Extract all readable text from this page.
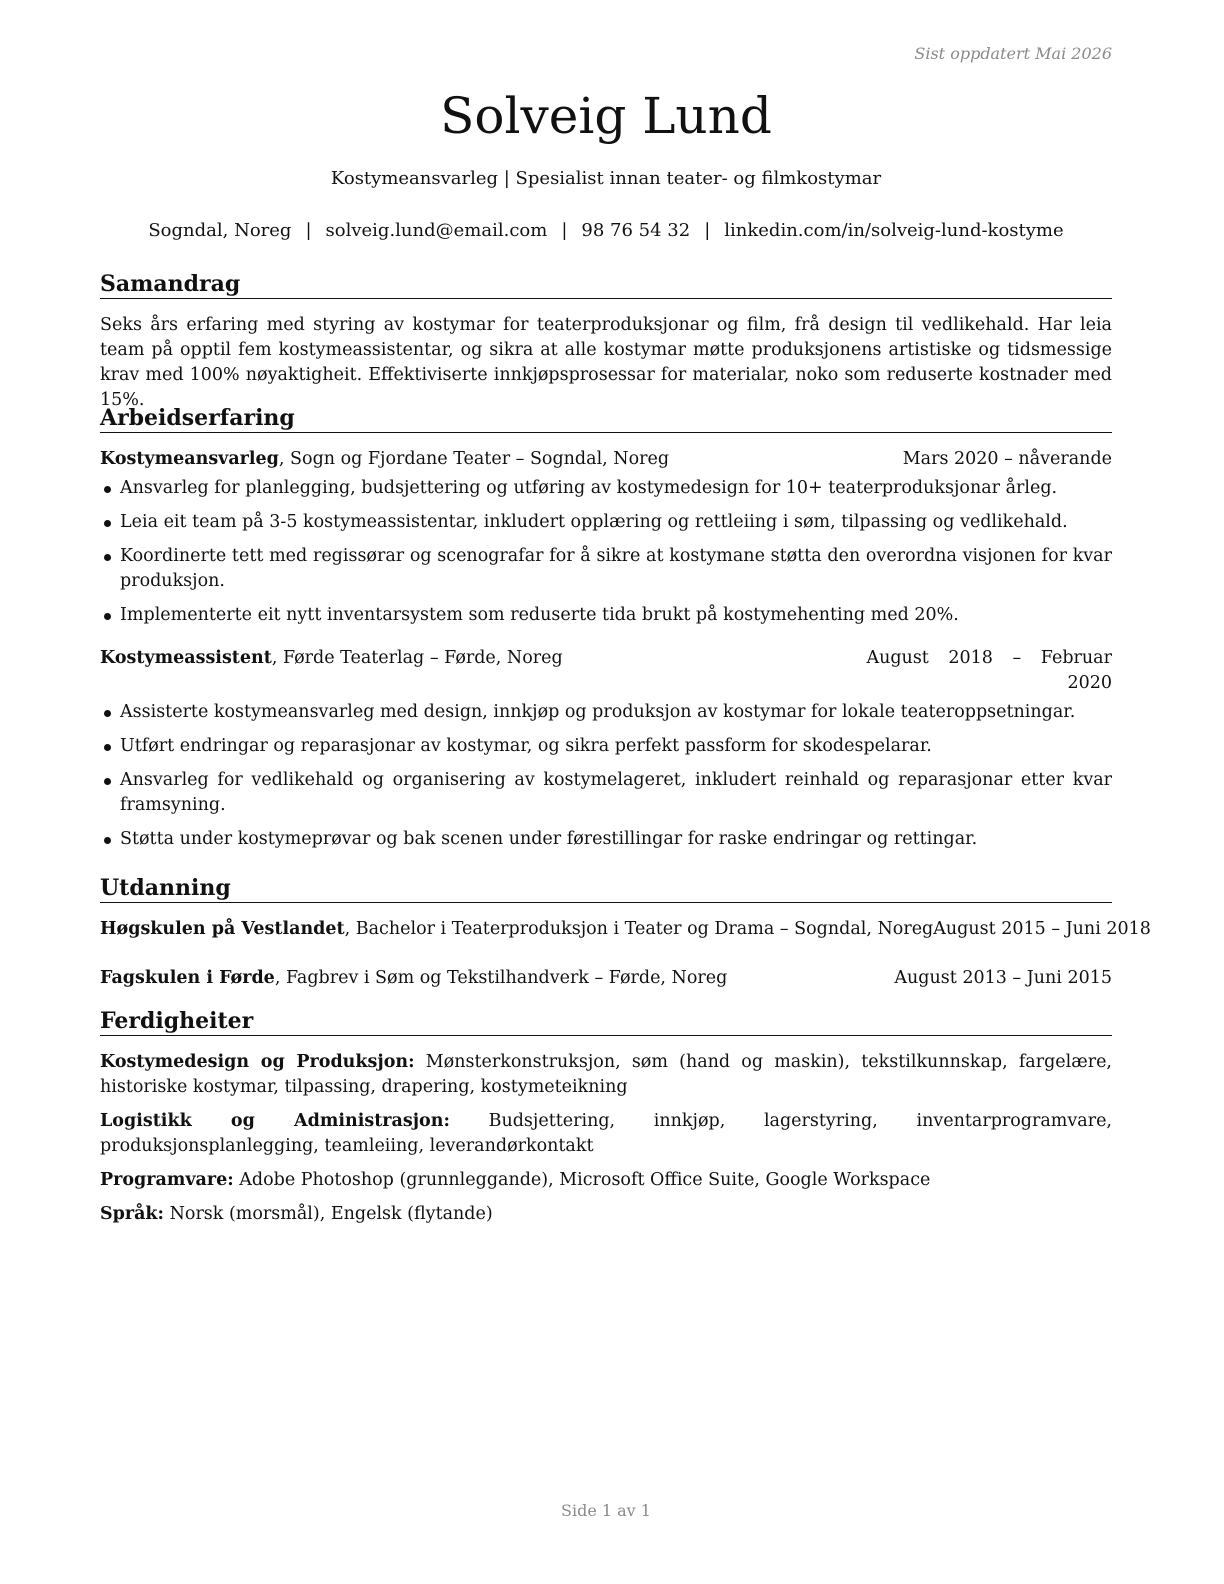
Sist oppdatert Mai 2026
Solveig Lund
Kostymeansvarleg | Spesialist innan teater- og filmkostymar
Sogndal, Noreg | solveig.lund@email.com | 98 76 54 32 | linkedin.com/in/solveig-lund-kostyme
Samandrag
Seks års erfaring med styring av kostymar for teaterproduksjonar og film, frå design til vedlikehald. Har leia team på opptil fem kostymeassistentar, og sikra at alle kostymar møtte produksjonens artistiske og tidsmessige krav med 100% nøyaktigheit. Effektiviserte innkjøpsprosessar for materialar, noko som reduserte kostnader med 15%.
Arbeidserfaring
Kostymeansvarleg, Sogn og Fjordane Teater – Sogndal, Noreg	Mars 2020 – nåverande
Ansvarleg for planlegging, budsjettering og utføring av kostymedesign for 10+ teaterproduksjonar årleg.
Leia eit team på 3-5 kostymeassistentar, inkludert opplæring og rettleiing i søm, tilpassing og vedlikehald.
Koordinerte tett med regissørar og scenografar for å sikre at kostymane støtta den overordna visjonen for kvar produksjon.
Implementerte eit nytt inventarsystem som reduserte tida brukt på kostymehenting med 20%.
Kostymeassistent, Førde Teaterlag – Førde, Noreg	August 2018 – Februar
2020
Assisterte kostymeansvarleg med design, innkjøp og produksjon av kostymar for lokale teateroppsetningar.
Utført endringar og reparasjonar av kostymar, og sikra perfekt passform for skodespelarar.
Ansvarleg for vedlikehald og organisering av kostymelageret, inkludert reinhald og reparasjonar etter kvar framsyning.
Støtta under kostymeprøvar og bak scenen under førestillingar for raske endringar og rettingar.
Utdanning
Høgskulen på Vestlandet, Bachelor i Teaterproduksjon i Teater og Drama – Sogndal, Noreg August 2015 – Juni 2018
Fagskulen i Førde, Fagbrev i Søm og Tekstilhandverk – Førde, Noreg	August 2013 – Juni 2015
Ferdigheiter
Kostymedesign og Produksjon: Mønsterkonstruksjon, søm (hand og maskin), tekstilkunnskap, fargelære, historiske kostymar, tilpassing, drapering, kostymeteikning
Logistikk og Administrasjon: Budsjettering, innkjøp, lagerstyring, inventarprogramvare, produksjonsplanlegging, teamleiing, leverandørkontakt
Programvare: Adobe Photoshop (grunnleggande), Microsoft Office Suite, Google Workspace
Språk: Norsk (morsmål), Engelsk (flytande)
Side 1 av 1
